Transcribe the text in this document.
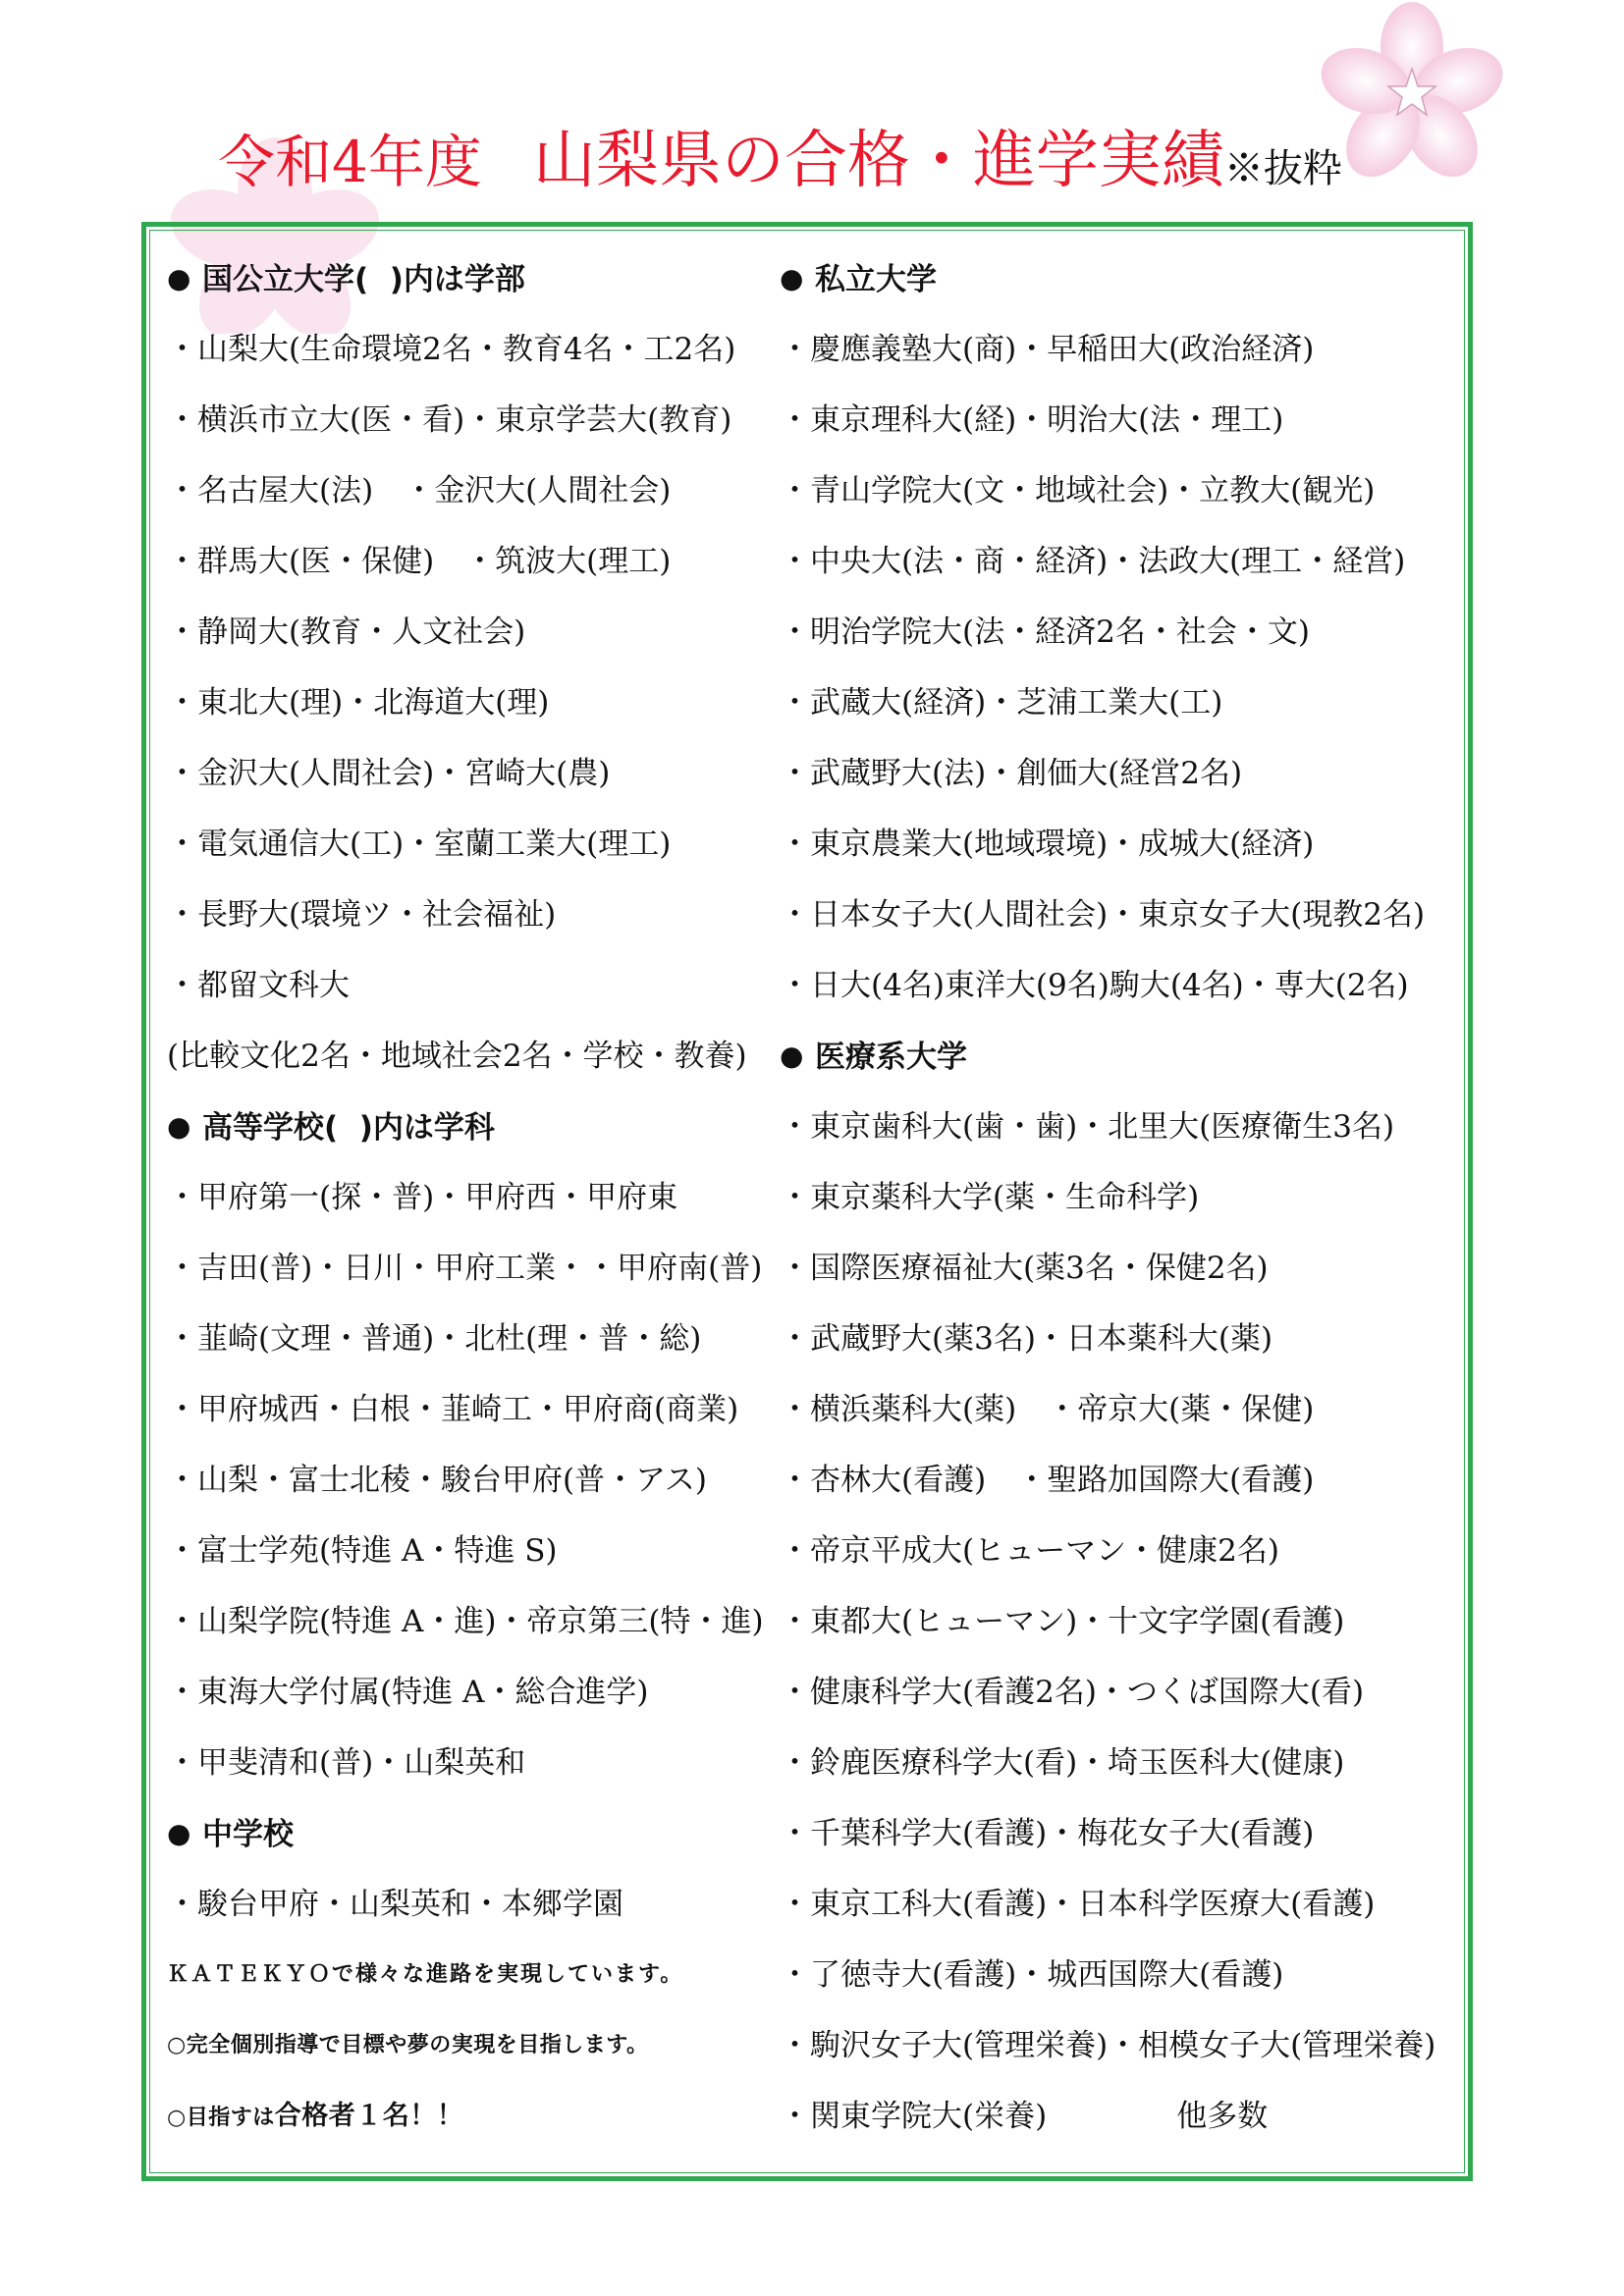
令和4年度 山梨県の合格・進学実績※抜粋
● 国公立大学(  )内は学部
・山梨大(生命環境2名・教育4名・工2名)
・横浜市立大(医・看)・東京学芸大(教育)
・名古屋大(法)　・金沢大(人間社会)
・群馬大(医・保健)　・筑波大(理工)
・静岡大(教育・人文社会)
・東北大(理)・北海道大(理)
・金沢大(人間社会)・宮崎大(農)
・電気通信大(工)・室蘭工業大(理工)
・長野大(環境ツ・社会福祉)
・都留文科大
(比較文化2名・地域社会2名・学校・教養)
● 高等学校(  )内は学科
・甲府第一(探・普)・甲府西・甲府東
・吉田(普)・日川・甲府工業・・甲府南(普)
・韮崎(文理・普通)・北杜(理・普・総)
・甲府城西・白根・韮崎工・甲府商(商業)
・山梨・富士北稜・駿台甲府(普・アス)
・富士学苑(特進 A・特進 S)
・山梨学院(特進 A・進)・帝京第三(特・進)
・東海大学付属(特進 A・総合進学)
・甲斐清和(普)・山梨英和
● 中学校
・駿台甲府・山梨英和・本郷学園
ＫＡＴＥＫＹＯで様々な進路を実現しています。
○完全個別指導で目標や夢の実現を目指します。
○目指すは合格者１名！！
● 私立大学
・慶應義塾大(商)・早稲田大(政治経済)
・東京理科大(経)・明治大(法・理工)
・青山学院大(文・地域社会)・立教大(観光)
・中央大(法・商・経済)・法政大(理工・経営)
・明治学院大(法・経済2名・社会・文)
・武蔵大(経済)・芝浦工業大(工)
・武蔵野大(法)・創価大(経営2名)
・東京農業大(地域環境)・成城大(経済)
・日本女子大(人間社会)・東京女子大(現教2名)
・日大(4名)東洋大(9名)駒大(4名)・専大(2名)
● 医療系大学
・東京歯科大(歯・歯)・北里大(医療衛生3名)
・東京薬科大学(薬・生命科学)
・国際医療福祉大(薬3名・保健2名)
・武蔵野大(薬3名)・日本薬科大(薬)
・横浜薬科大(薬)　・帝京大(薬・保健)
・杏林大(看護)　・聖路加国際大(看護)
・帝京平成大(ヒューマン・健康2名)
・東都大(ヒューマン)・十文字学園(看護)
・健康科学大(看護2名)・つくば国際大(看)
・鈴鹿医療科学大(看)・埼玉医科大(健康)
・千葉科学大(看護)・梅花女子大(看護)
・東京工科大(看護)・日本科学医療大(看護)
・了徳寺大(看護)・城西国際大(看護)
・駒沢女子大(管理栄養)・相模女子大(管理栄養)
・関東学院大(栄養)	他多数
